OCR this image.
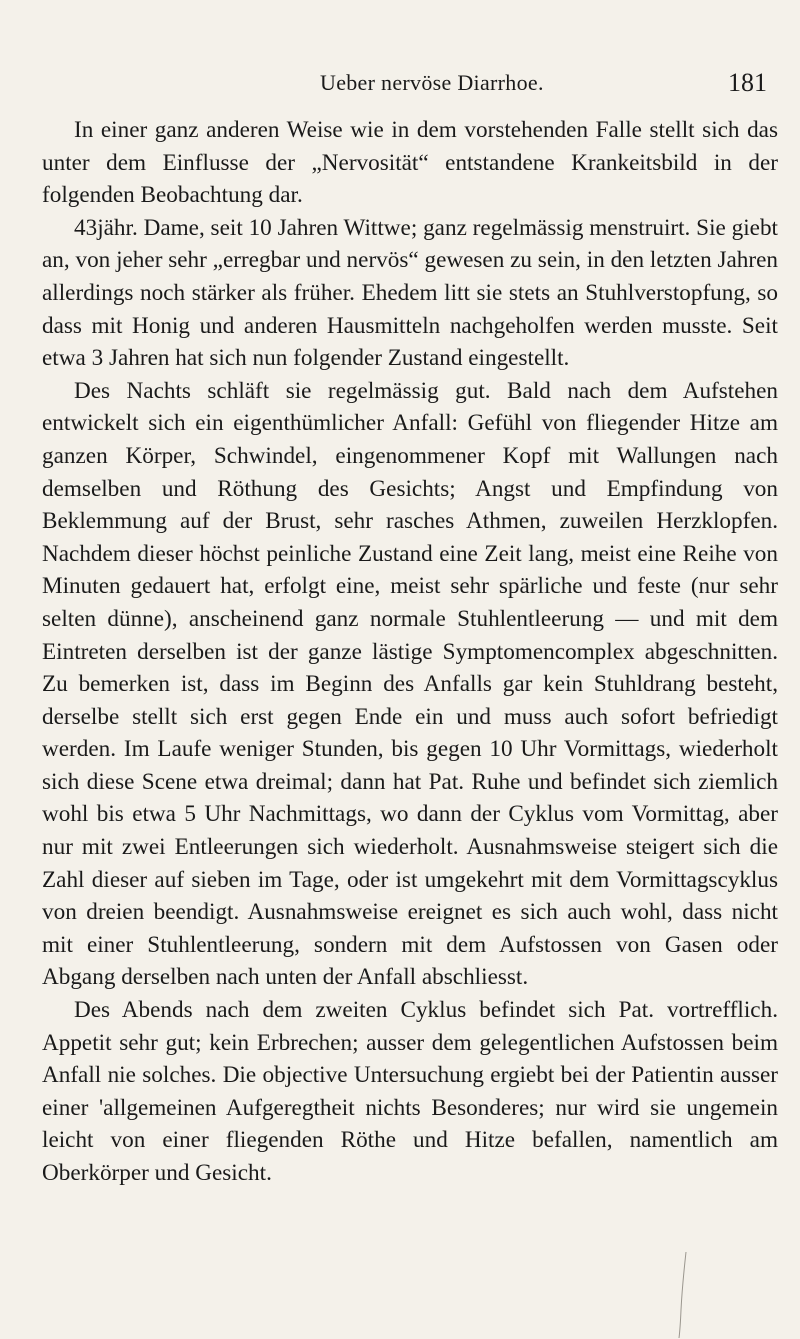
Ueber nervöse Diarrhoe.	181

In einer ganz anderen Weise wie in dem vorstehenden Falle stellt sich das unter dem Einflusse der „Nervosität“ entstandene Krankeitsbild in der folgenden Beobachtung dar.

43jähr. Dame, seit 10 Jahren Wittwe; ganz regelmässig menstruirt. Sie giebt an, von jeher sehr „erregbar und nervös“ gewesen zu sein, in den letzten Jahren allerdings noch stärker als früher. Ehedem litt sie stets an Stuhlverstopfung, so dass mit Honig und anderen Hausmitteln nachgeholfen werden musste. Seit etwa 3 Jahren hat sich nun folgender Zustand eingestellt.

Des Nachts schläft sie regelmässig gut. Bald nach dem Aufstehen entwickelt sich ein eigenthümlicher Anfall: Gefühl von fliegender Hitze am ganzen Körper, Schwindel, eingenommener Kopf mit Wallungen nach demselben und Röthung des Gesichts; Angst und Empfindung von Beklemmung auf der Brust, sehr rasches Athmen, zuweilen Herzklopfen. Nachdem dieser höchst peinliche Zustand eine Zeit lang, meist eine Reihe von Minuten gedauert hat, erfolgt eine, meist sehr spärliche und feste (nur sehr selten dünne), anscheinend ganz normale Stuhlentleerung — und mit dem Eintreten derselben ist der ganze lästige Symptomencomplex abgeschnitten. Zu bemerken ist, dass im Beginn des Anfalls gar kein Stuhldrang besteht, derselbe stellt sich erst gegen Ende ein und muss auch sofort befriedigt werden. Im Laufe weniger Stunden, bis gegen 10 Uhr Vormittags, wiederholt sich diese Scene etwa dreimal; dann hat Pat. Ruhe und befindet sich ziemlich wohl bis etwa 5 Uhr Nachmittags, wo dann der Cyklus vom Vormittag, aber nur mit zwei Entleerungen sich wiederholt. Ausnahmsweise steigert sich die Zahl dieser auf sieben im Tage, oder ist umgekehrt mit dem Vormittagscyklus von dreien beendigt. Ausnahmsweise ereignet es sich auch wohl, dass nicht mit einer Stuhlentleerung, sondern mit dem Aufstossen von Gasen oder Abgang derselben nach unten der Anfall abschliesst.

Des Abends nach dem zweiten Cyklus befindet sich Pat. vortrefflich. Appetit sehr gut; kein Erbrechen; ausser dem gelegentlichen Aufstossen beim Anfall nie solches. Die objective Untersuchung ergiebt bei der Patientin ausser einer 'allgemeinen Aufgeregtheit nichts Besonderes; nur wird sie ungemein leicht von einer fliegenden Röthe und Hitze befallen, namentlich am Oberkörper und Gesicht.
